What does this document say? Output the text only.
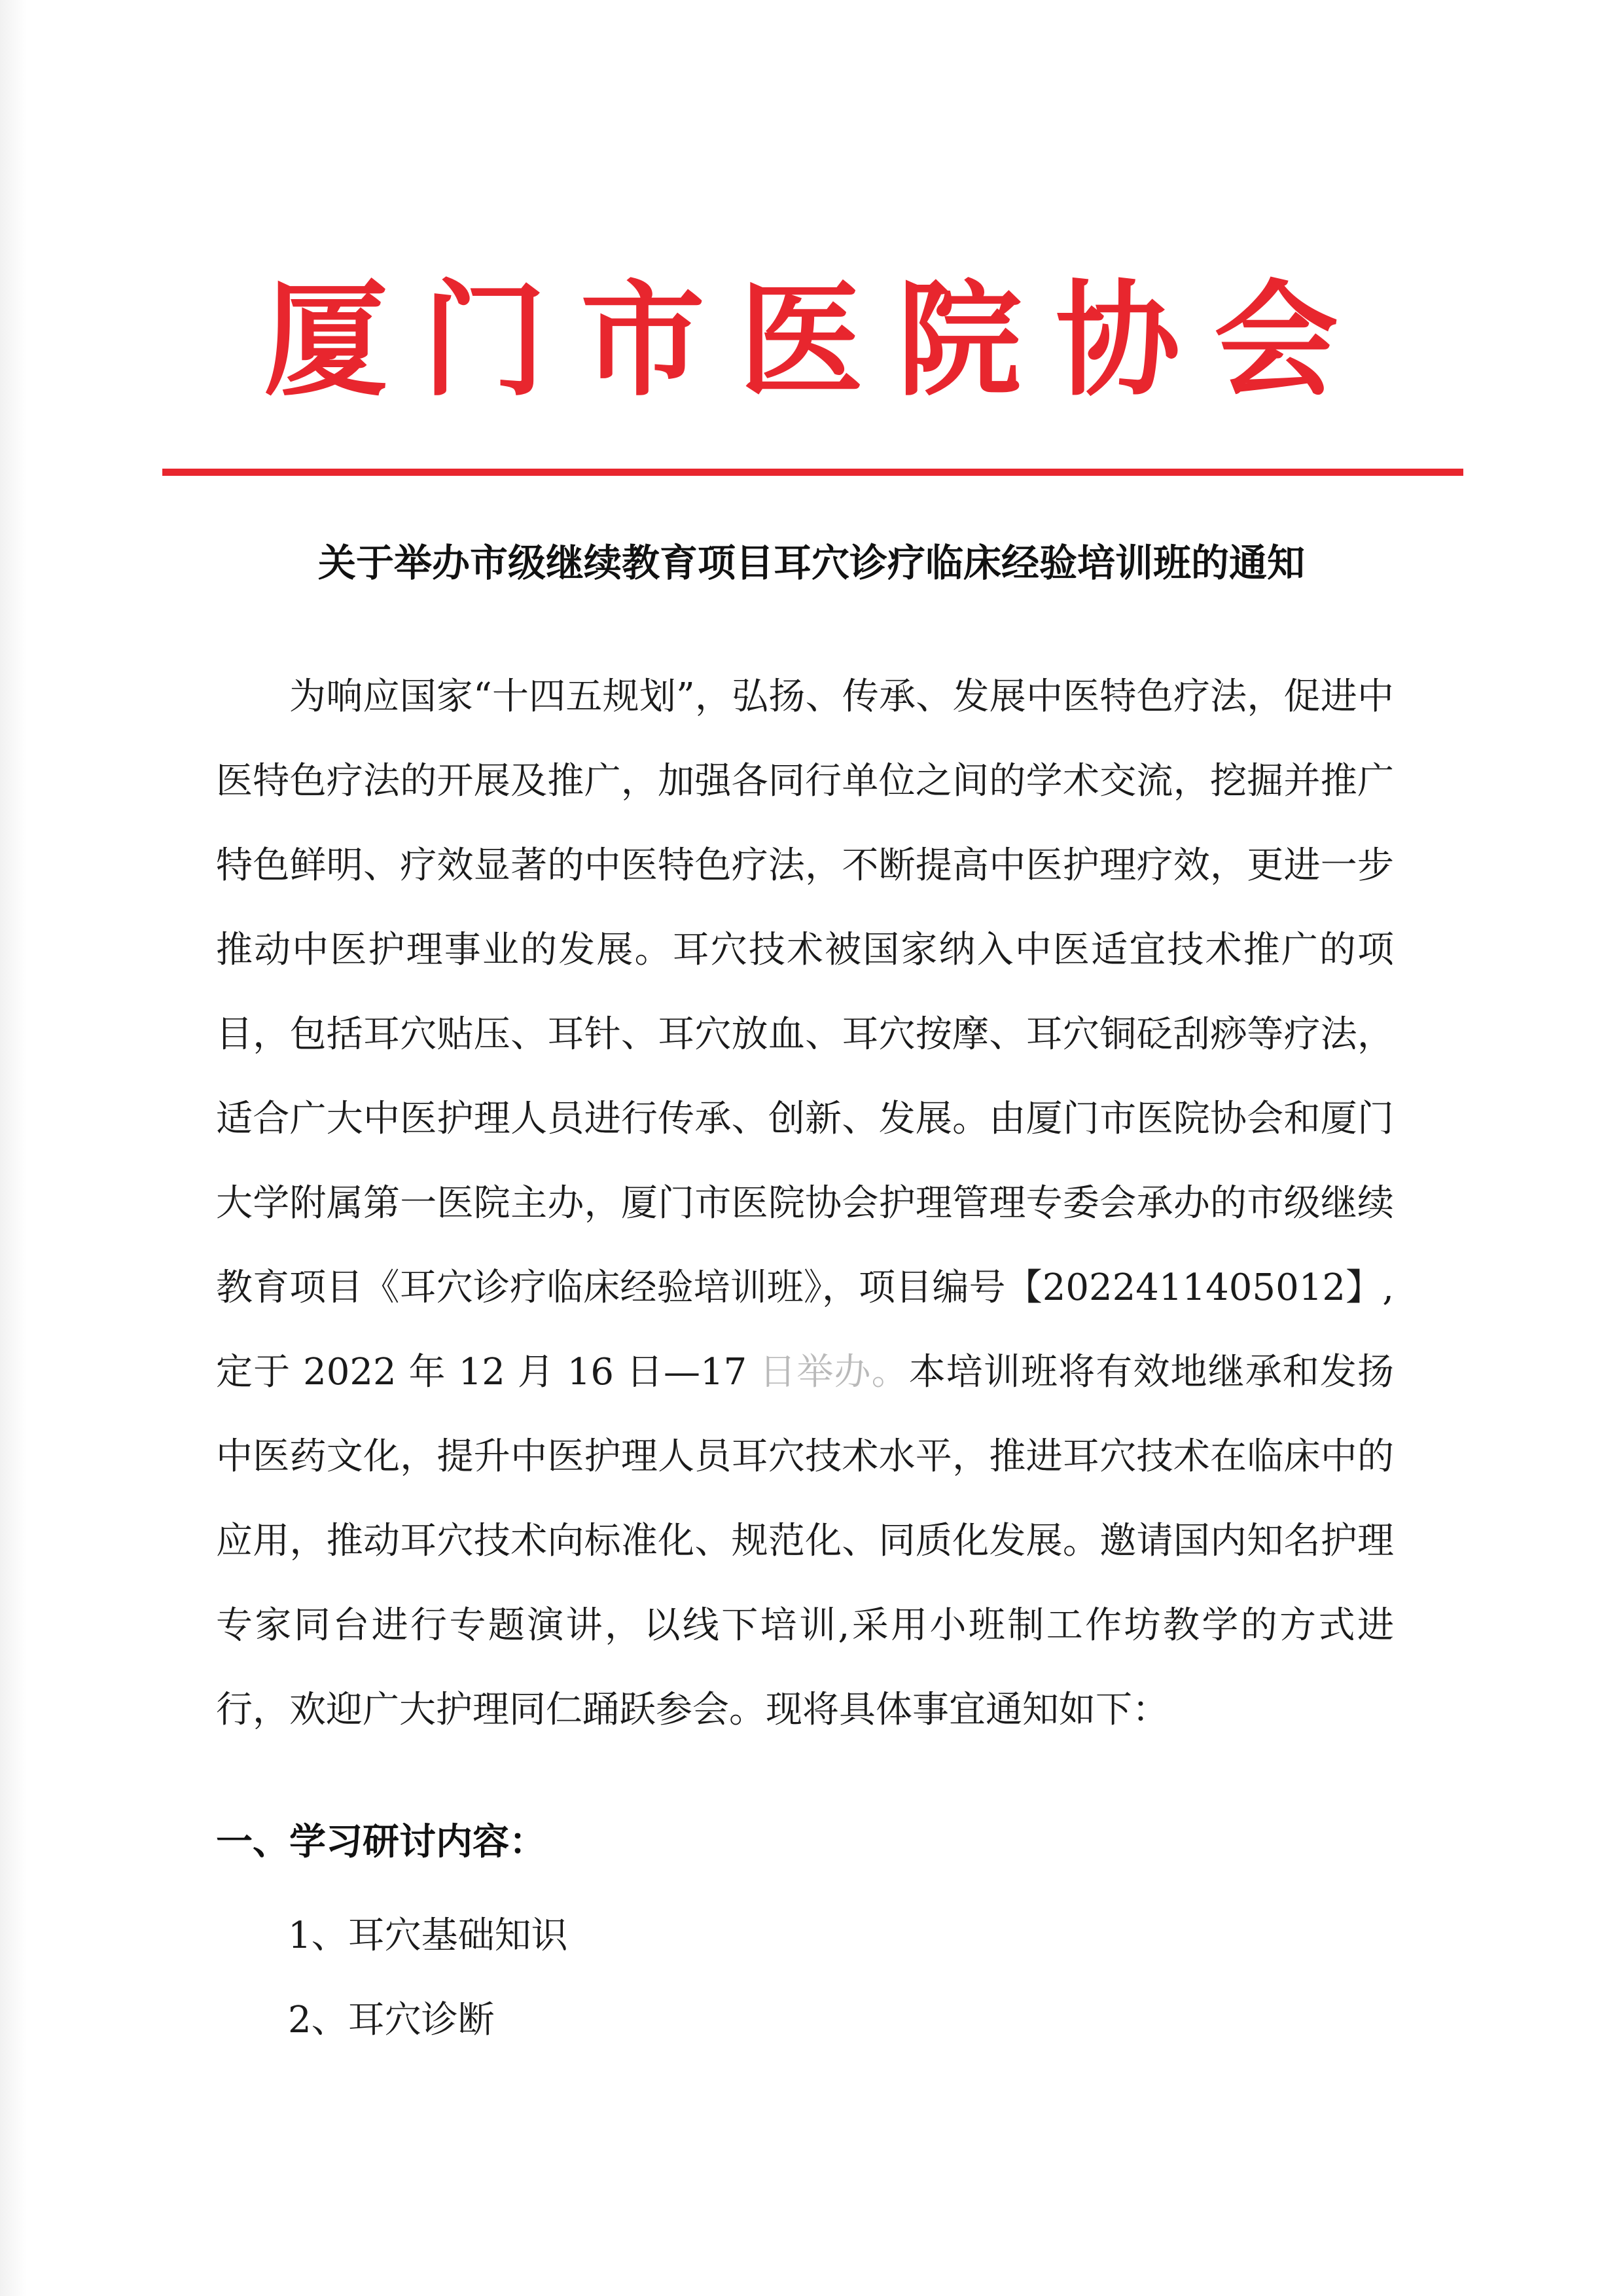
厦门市医院协会
关于举办市级继续教育项目耳穴诊疗临床经验培训班的通知

为响应国家“十四五规划”，弘扬、传承、发展中医特色疗法，促进中医特色疗法的开展及推广，加强各同行单位之间的学术交流，挖掘并推广特色鲜明、疗效显著的中医特色疗法，不断提高中医护理疗效，更进一步推动中医护理事业的发展。耳穴技术被国家纳入中医适宜技术推广的项目，包括耳穴贴压、耳针、耳穴放血、耳穴按摩、耳穴铜砭刮痧等疗法，适合广大中医护理人员进行传承、创新、发展。由厦门市医院协会和厦门大学附属第一医院主办，厦门市医院协会护理管理专委会承办的市级继续教育项目《耳穴诊疗临床经验培训班》，项目编号【2022411405012】,定于 2022 年 12 月 16 日—17 日举办。本培训班将有效地继承和发扬中医药文化，提升中医护理人员耳穴技术水平，推进耳穴技术在临床中的应用，推动耳穴技术向标准化、规范化、同质化发展。邀请国内知名护理专家同台进行专题演讲，以线下培训,采用小班制工作坊教学的方式进行，欢迎广大护理同仁踊跃参会。现将具体事宜通知如下：

一、学习研讨内容：
1、耳穴基础知识
2、耳穴诊断
